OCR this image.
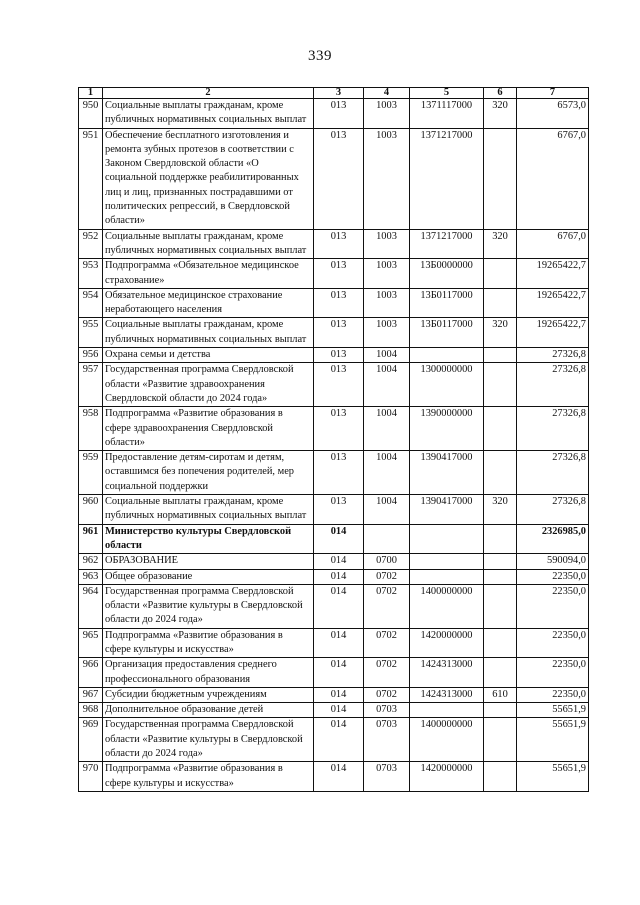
339
1	2	3	4	5	6	7
950	Социальные выплаты гражданам, кроме публичных нормативных социальных выплат	013	1003	1371117000	320	6573,0
951	Обеспечение бесплатного изготовления и ремонта зубных протезов в соответствии с Законом Свердловской области «О социальной поддержке реабилитированных лиц и лиц, признанных пострадавшими от политических репрессий, в Свердловской области»	013	1003	1371217000		6767,0
952	Социальные выплаты гражданам, кроме публичных нормативных социальных выплат	013	1003	1371217000	320	6767,0
953	Подпрограмма «Обязательное медицинское страхование»	013	1003	13Б0000000		19265422,7
954	Обязательное медицинское страхование неработающего населения	013	1003	13Б0117000		19265422,7
955	Социальные выплаты гражданам, кроме публичных нормативных социальных выплат	013	1003	13Б0117000	320	19265422,7
956	Охрана семьи и детства	013	1004			27326,8
957	Государственная программа Свердловской области «Развитие здравоохранения Свердловской области до 2024 года»	013	1004	1300000000		27326,8
958	Подпрограмма «Развитие образования в сфере здравоохранения Свердловской области»	013	1004	1390000000		27326,8
959	Предоставление детям-сиротам и детям, оставшимся без попечения родителей, мер социальной поддержки	013	1004	1390417000		27326,8
960	Социальные выплаты гражданам, кроме публичных нормативных социальных выплат	013	1004	1390417000	320	27326,8
961	Министерство культуры Свердловской области	014				2326985,0
962	ОБРАЗОВАНИЕ	014	0700			590094,0
963	Общее образование	014	0702			22350,0
964	Государственная программа Свердловской области «Развитие культуры в Свердловской области до 2024 года»	014	0702	1400000000		22350,0
965	Подпрограмма «Развитие образования в сфере культуры и искусства»	014	0702	1420000000		22350,0
966	Организация предоставления среднего профессионального образования	014	0702	1424313000		22350,0
967	Субсидии бюджетным учреждениям	014	0702	1424313000	610	22350,0
968	Дополнительное образование детей	014	0703			55651,9
969	Государственная программа Свердловской области «Развитие культуры в Свердловской области до 2024 года»	014	0703	1400000000		55651,9
970	Подпрограмма «Развитие образования в сфере культуры и искусства»	014	0703	1420000000		55651,9
